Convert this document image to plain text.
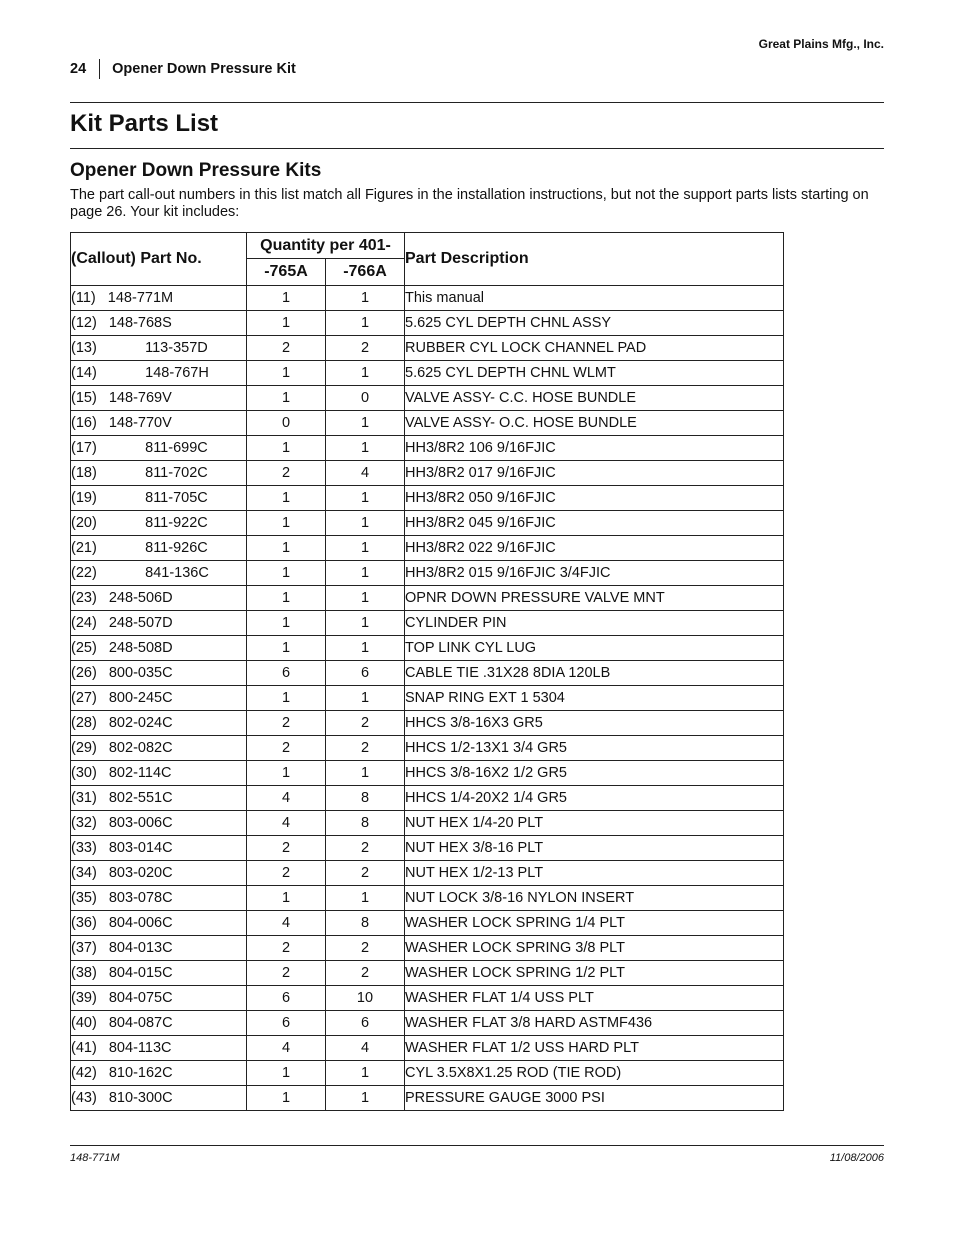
Great Plains Mfg., Inc.
24 Opener Down Pressure Kit
Kit Parts List
Opener Down Pressure Kits

The part call-out numbers in this list match all Figures in the installation instructions, but not the support parts lists starting on page 26. Your kit includes:

(Callout) Part No.	Quantity per 401-		Part Description
	-765A	-766A	
(11)   148-771M	1	1	This manual
(12)   148-768S	1	1	5.625 CYL DEPTH CHNL ASSY
(13)            113-357D	2	2	RUBBER CYL LOCK CHANNEL PAD
(14)            148-767H	1	1	5.625 CYL DEPTH CHNL WLMT
(15)   148-769V	1	0	VALVE ASSY- C.C. HOSE BUNDLE
(16)   148-770V	0	1	VALVE ASSY- O.C. HOSE BUNDLE
(17)            811-699C	1	1	HH3/8R2 106 9/16FJIC
(18)            811-702C	2	4	HH3/8R2 017 9/16FJIC
(19)            811-705C	1	1	HH3/8R2 050 9/16FJIC
(20)            811-922C	1	1	HH3/8R2 045 9/16FJIC
(21)            811-926C	1	1	HH3/8R2 022 9/16FJIC
(22)            841-136C	1	1	HH3/8R2 015 9/16FJIC 3/4FJIC
(23)   248-506D	1	1	OPNR DOWN PRESSURE VALVE MNT
(24)   248-507D	1	1	CYLINDER PIN
(25)   248-508D	1	1	TOP LINK CYL LUG
(26)   800-035C	6	6	CABLE TIE .31X28 8DIA 120LB
(27)   800-245C	1	1	SNAP RING EXT 1 5304
(28)   802-024C	2	2	HHCS 3/8-16X3 GR5
(29)   802-082C	2	2	HHCS 1/2-13X1 3/4 GR5
(30)   802-114C	1	1	HHCS 3/8-16X2 1/2 GR5
(31)   802-551C	4	8	HHCS 1/4-20X2 1/4 GR5
(32)   803-006C	4	8	NUT HEX 1/4-20 PLT
(33)   803-014C	2	2	NUT HEX 3/8-16 PLT
(34)   803-020C	2	2	NUT HEX 1/2-13 PLT
(35)   803-078C	1	1	NUT LOCK 3/8-16 NYLON INSERT
(36)   804-006C	4	8	WASHER LOCK SPRING 1/4 PLT
(37)   804-013C	2	2	WASHER LOCK SPRING 3/8 PLT
(38)   804-015C	2	2	WASHER LOCK SPRING 1/2 PLT
(39)   804-075C	6	10	WASHER FLAT 1/4 USS PLT
(40)   804-087C	6	6	WASHER FLAT 3/8 HARD ASTMF436
(41)   804-113C	4	4	WASHER FLAT 1/2 USS HARD PLT
(42)   810-162C	1	1	CYL 3.5X8X1.25 ROD (TIE ROD)
(43)   810-300C	1	1	PRESSURE GAUGE 3000 PSI
148-771M	11/08/2006
